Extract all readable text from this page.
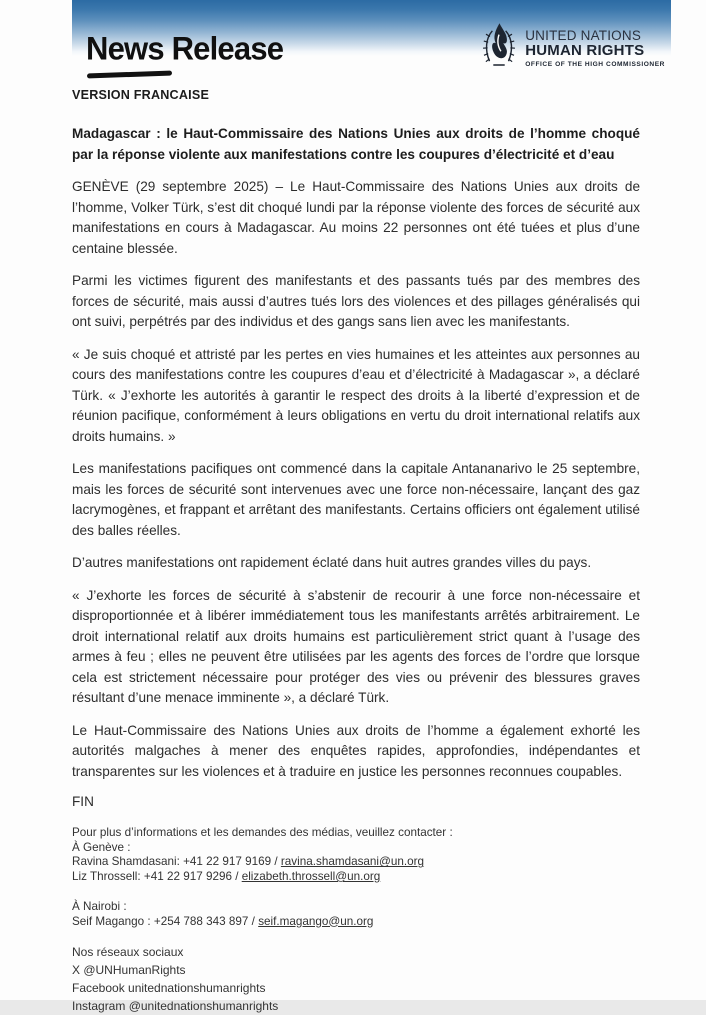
News Release	UNITED NATIONS
HUMAN RIGHTS
OFFICE OF THE HIGH COMMISSIONER
VERSION FRANCAISE
Madagascar : le Haut-Commissaire des Nations Unies aux droits de l’homme choqué par la réponse violente aux manifestations contre les coupures d’électricité et d’eau

GENÈVE (29 septembre 2025) – Le Haut-Commissaire des Nations Unies aux droits de l’homme, Volker Türk, s’est dit choqué lundi par la réponse violente des forces de sécurité aux manifestations en cours à Madagascar. Au moins 22 personnes ont été tuées et plus d’une centaine blessée.

Parmi les victimes figurent des manifestants et des passants tués par des membres des forces de sécurité, mais aussi d’autres tués lors des violences et des pillages généralisés qui ont suivi, perpétrés par des individus et des gangs sans lien avec les manifestants.

« Je suis choqué et attristé par les pertes en vies humaines et les atteintes aux personnes au cours des manifestations contre les coupures d’eau et d’électricité à Madagascar », a déclaré Türk. « J’exhorte les autorités à garantir le respect des droits à la liberté d’expression et de réunion pacifique, conformément à leurs obligations en vertu du droit international relatifs aux droits humains. »

Les manifestations pacifiques ont commencé dans la capitale Antananarivo le 25 septembre, mais les forces de sécurité sont intervenues avec une force non-nécessaire, lançant des gaz lacrymogènes, et frappant et arrêtant des manifestants. Certains officiers ont également utilisé des balles réelles.

D’autres manifestations ont rapidement éclaté dans huit autres grandes villes du pays.

« J’exhorte les forces de sécurité à s’abstenir de recourir à une force non-nécessaire et disproportionnée et à libérer immédiatement tous les manifestants arrêtés arbitrairement. Le droit international relatif aux droits humains est particulièrement strict quant à l’usage des armes à feu ; elles ne peuvent être utilisées par les agents des forces de l’ordre que lorsque cela est strictement nécessaire pour protéger des vies ou prévenir des blessures graves résultant d’une menace imminente », a déclaré Türk.

Le Haut-Commissaire des Nations Unies aux droits de l’homme a également exhorté les autorités malgaches à mener des enquêtes rapides, approfondies, indépendantes et transparentes sur les violences et à traduire en justice les personnes reconnues coupables.

FIN

Pour plus d’informations et les demandes des médias, veuillez contacter :

À Genève :

Ravina Shamdasani: +41 22 917 9169 / ravina.shamdasani@un.org

Liz Throssell: +41 22 917 9296 / elizabeth.throssell@un.org

À Nairobi :

Seif Magango : +254 788 343 897 / seif.magango@un.org

Nos réseaux sociaux

X @UNHumanRights

Facebook unitednationshumanrights

Instagram @unitednationshumanrights
